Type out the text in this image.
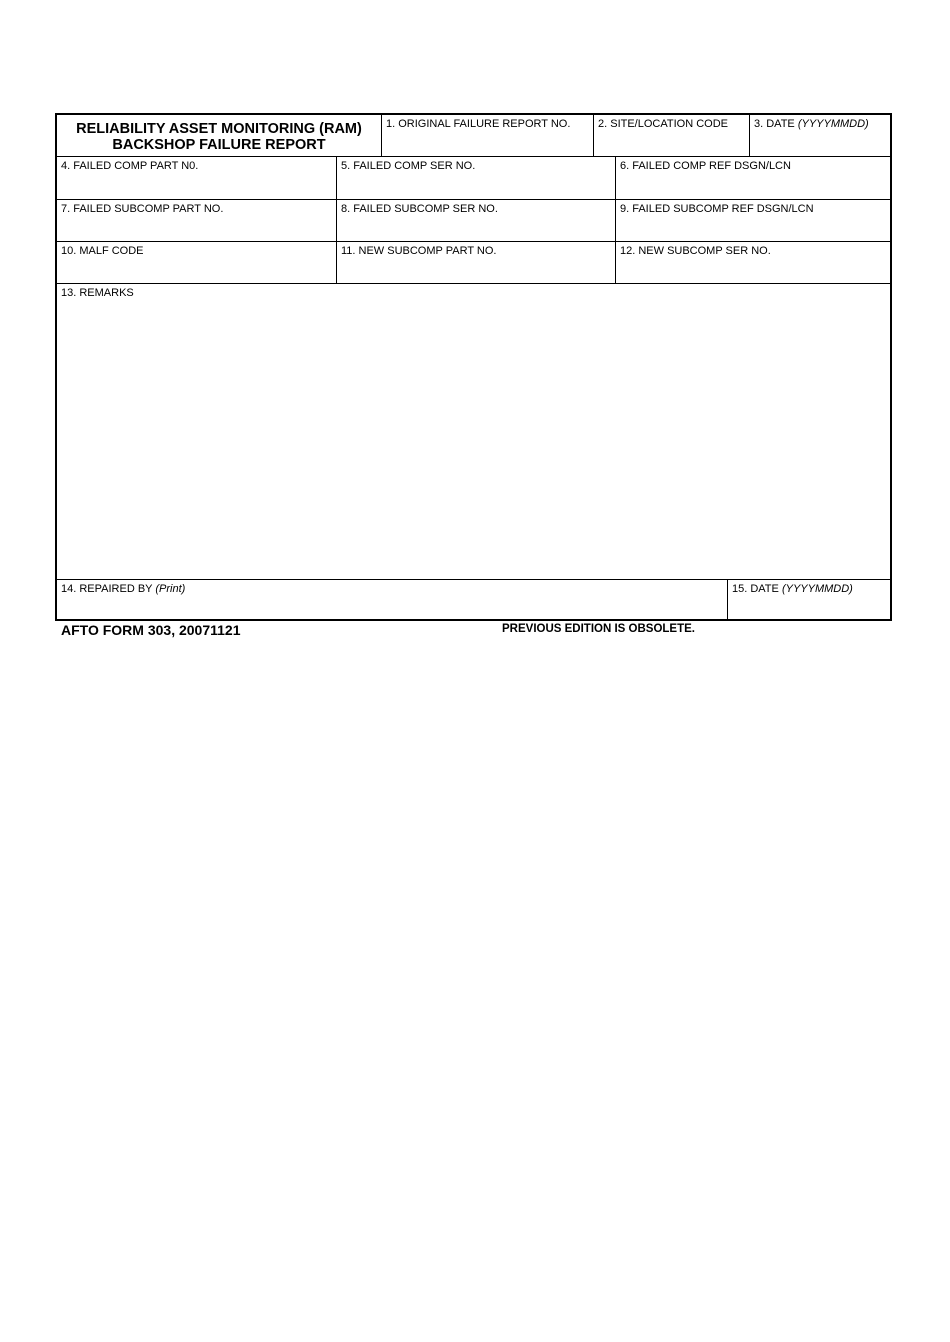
RELIABILITY ASSET MONITORING (RAM)
BACKSHOP FAILURE REPORT
1. ORIGINAL FAILURE REPORT NO.	2. SITE/LOCATION CODE	3. DATE (YYYYMMDD)
4. FAILED COMP PART N0.	5. FAILED COMP SER NO.	6. FAILED COMP REF DSGN/LCN
7. FAILED SUBCOMP PART NO.	8. FAILED SUBCOMP SER NO.	9. FAILED SUBCOMP REF DSGN/LCN
10. MALF CODE	11. NEW SUBCOMP PART NO.	12. NEW SUBCOMP SER NO.
13. REMARKS
14. REPAIRED BY (Print)	15. DATE (YYYYMMDD)
AFTO FORM 303, 20071121	PREVIOUS EDITION IS OBSOLETE.
